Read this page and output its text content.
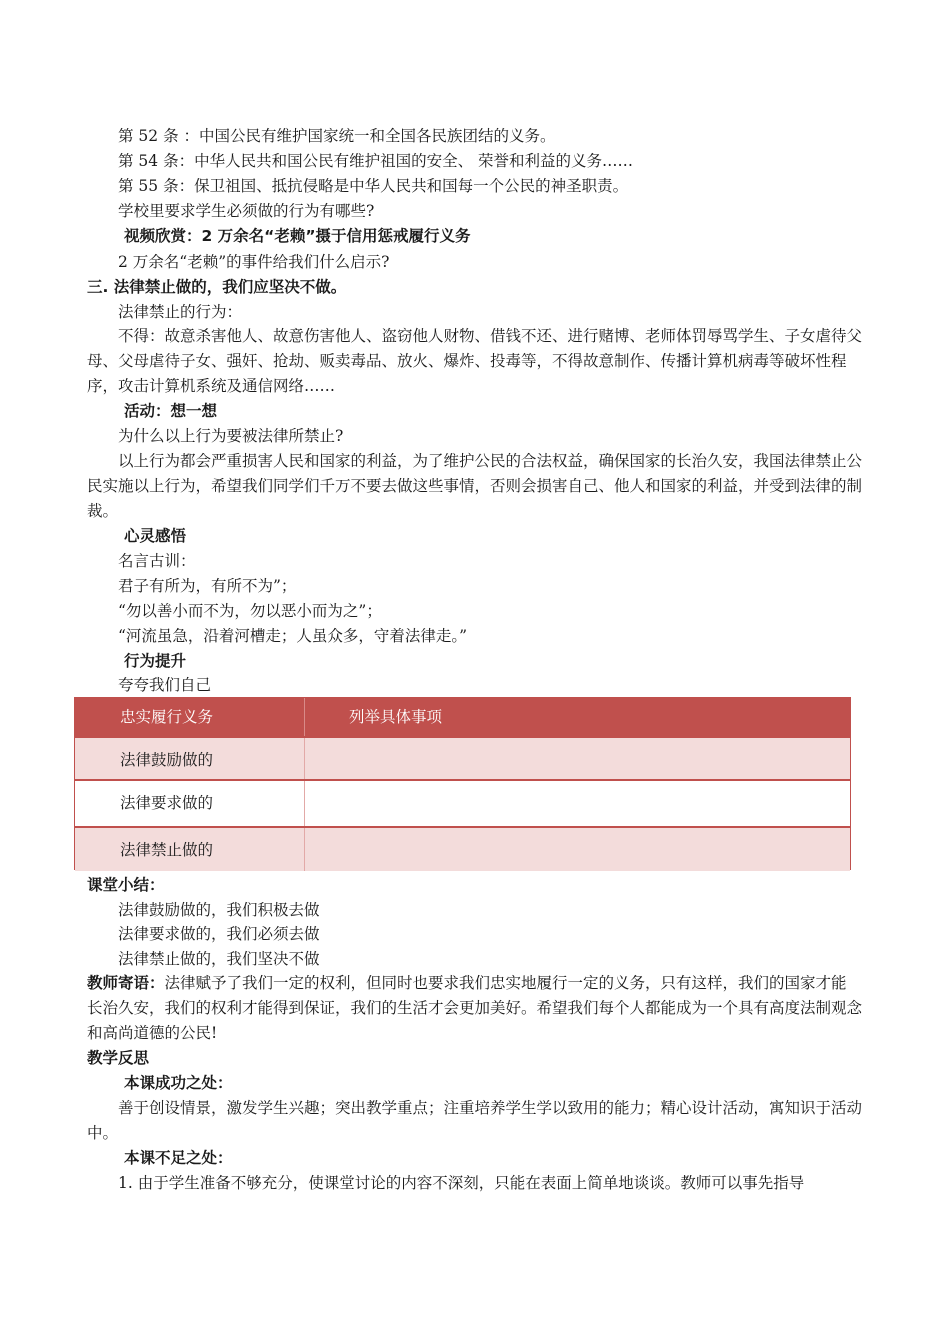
第 52 条 ：中国公民有维护国家统一和全国各民族团结的义务。
第 54 条：中华人民共和国公民有维护祖国的安全、 荣誉和利益的义务……
第 55 条：保卫祖国、抵抗侵略是中华人民共和国每一个公民的神圣职责。
学校里要求学生必须做的行为有哪些?
视频欣赏：2 万余名“老赖”摄于信用惩戒履行义务
2 万余名“老赖”的事件给我们什么启示?
三. 法律禁止做的，我们应坚决不做。
法律禁止的行为：
不得：故意杀害他人、故意伤害他人、盗窃他人财物、借钱不还、进行赌博、老师体罚辱骂学生、子女虐待父母、父母虐待子女、强奸、抢劫、贩卖毒品、放火、爆炸、投毒等，不得故意制作、传播计算机病毒等破坏性程序，攻击计算机系统及通信网络……
活动：想一想
为什么以上行为要被法律所禁止?
以上行为都会严重损害人民和国家的利益，为了维护公民的合法权益，确保国家的长治久安，我国法律禁止公民实施以上行为，希望我们同学们千万不要去做这些事情，否则会损害自己、他人和国家的利益，并受到法律的制裁。
心灵感悟
名言古训：
君子有所为，有所不为”；
“勿以善小而不为，勿以恶小而为之”；
“河流虽急，沿着河槽走；人虽众多，守着法律走。”
行为提升
夸夸我们自己
忠实履行义务	列举具体事项
法律鼓励做的
法律要求做的
法律禁止做的
课堂小结：
法律鼓励做的，我们积极去做
法律要求做的，我们必须去做
法律禁止做的，我们坚决不做
教师寄语：法律赋予了我们一定的权利，但同时也要求我们忠实地履行一定的义务，只有这样，我们的国家才能长治久安，我们的权利才能得到保证，我们的生活才会更加美好。希望我们每个人都能成为一个具有高度法制观念和高尚道德的公民!
教学反思
本课成功之处：
善于创设情景，激发学生兴趣；突出教学重点；注重培养学生学以致用的能力；精心设计活动，寓知识于活动中。
本课不足之处：
1. 由于学生准备不够充分，使课堂讨论的内容不深刻，只能在表面上简单地谈谈。教师可以事先指导
